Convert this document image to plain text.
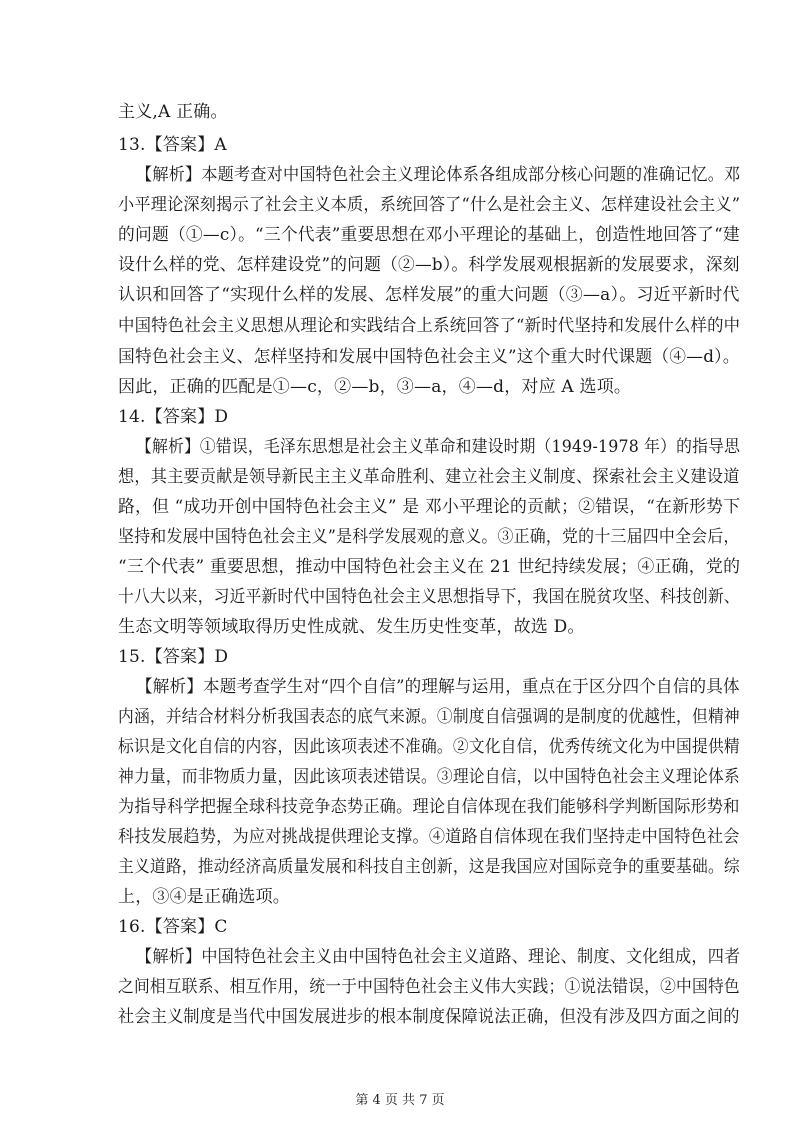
主义,A 正确。
13.【答案】A
【解析】本题考查对中国特色社会主义理论体系各组成部分核心问题的准确记忆。邓
小平理论深刻揭示了社会主义本质，系统回答了“什么是社会主义、怎样建设社会主义”
的问题（①—c）。“三个代表”重要思想在邓小平理论的基础上，创造性地回答了“建
设什么样的党、怎样建设党”的问题（②—b）。科学发展观根据新的发展要求，深刻
认识和回答了“实现什么样的发展、怎样发展”的重大问题（③—a）。习近平新时代
中国特色社会主义思想从理论和实践结合上系统回答了“新时代坚持和发展什么样的中
国特色社会主义、怎样坚持和发展中国特色社会主义”这个重大时代课题（④—d）。
因此，正确的匹配是①—c，②—b，③—a，④—d，对应 A 选项。
14.【答案】D
【解析】①错误，毛泽东思想是社会主义革命和建设时期（1949-1978 年）的指导思
想，其主要贡献是领导新民主主义革命胜利、建立社会主义制度、探索社会主义建设道
路，但 “成功开创中国特色社会主义” 是 邓小平理论的贡献；②错误，“在新形势下
坚持和发展中国特色社会主义”是科学发展观的意义。③正确，党的十三届四中全会后，
“三个代表” 重要思想，推动中国特色社会主义在 21 世纪持续发展；④正确，党的
十八大以来，习近平新时代中国特色社会主义思想指导下，我国在脱贫攻坚、科技创新、
生态文明等领域取得历史性成就、发生历史性变革，故选 D。
15.【答案】D
【解析】本题考查学生对“四个自信”的理解与运用，重点在于区分四个自信的具体
内涵，并结合材料分析我国表态的底气来源。①制度自信强调的是制度的优越性，但精神
标识是文化自信的内容，因此该项表述不准确。②文化自信，优秀传统文化为中国提供精
神力量，而非物质力量，因此该项表述错误。③理论自信，以中国特色社会主义理论体系
为指导科学把握全球科技竞争态势正确。理论自信体现在我们能够科学判断国际形势和
科技发展趋势，为应对挑战提供理论支撑。④道路自信体现在我们坚持走中国特色社会
主义道路，推动经济高质量发展和科技自主创新，这是我国应对国际竞争的重要基础。综
上，③④是正确选项。
16.【答案】C
【解析】中国特色社会主义由中国特色社会主义道路、理论、制度、文化组成，四者
之间相互联系、相互作用，统一于中国特色社会主义伟大实践；①说法错误，②中国特色
社会主义制度是当代中国发展进步的根本制度保障说法正确，但没有涉及四方面之间的
第 4 页 共 7 页
